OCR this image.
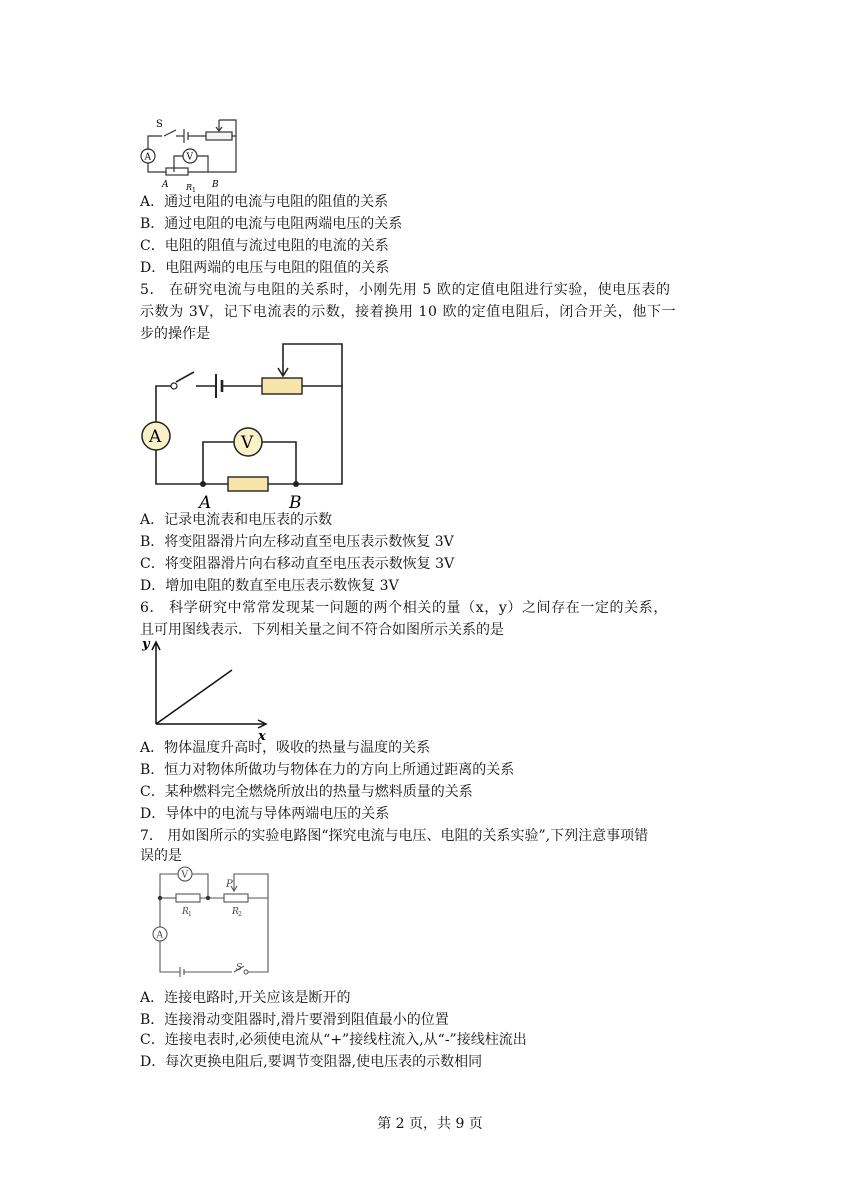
S
A	V
A R 1
B
A．通过电阻的电流与电阻的阻值的关系
B．通过电阻的电流与电阻两端电压的关系
C．电阻的阻值与流过电阻的电流的关系
D．电阻两端的电压与电阻的阻值的关系
5． 在研究电流与电阻的关系时，小刚先用 5 欧的定值电阻进行实验，使电压表的
示数为 3V，记下电流表的示数，接着换用 10 欧的定值电阻后，闭合开关，他下一
步的操作是
A	V
A	B
A．记录电流表和电压表的示数
B．将变阻器滑片向左移动直至电压表示数恢复 3V
C．将变阻器滑片向右移动直至电压表示数恢复 3V
D．增加电阻的数直至电压表示数恢复 3V
6． 科学研究中常常发现某一问题的两个相关的量（x，y）之间存在一定的关系，
且可用图线表示．下列相关量之间不符合如图所示关系的是
y
x
A．物体温度升高时，吸收的热量与温度的关系
B．恒力对物体所做功与物体在力的方向上所通过距离的关系
C．某种燃料完全燃烧所放出的热量与燃料质量的关系
D．导体中的电流与导体两端电压的关系
7． 用如图所示的实验电路图“探究电流与电压、电阻的关系实验”,下列注意事项错
误的是
V
A
P
R 1	R 2
S
A．连接电路时,开关应该是断开的
B．连接滑动变阻器时,滑片要滑到阻值最小的位置
C．连接电表时,必须使电流从“+”接线柱流入,从“-”接线柱流出
D．每次更换电阻后,要调节变阻器,使电压表的示数相同
第 2 页，共 9 页
